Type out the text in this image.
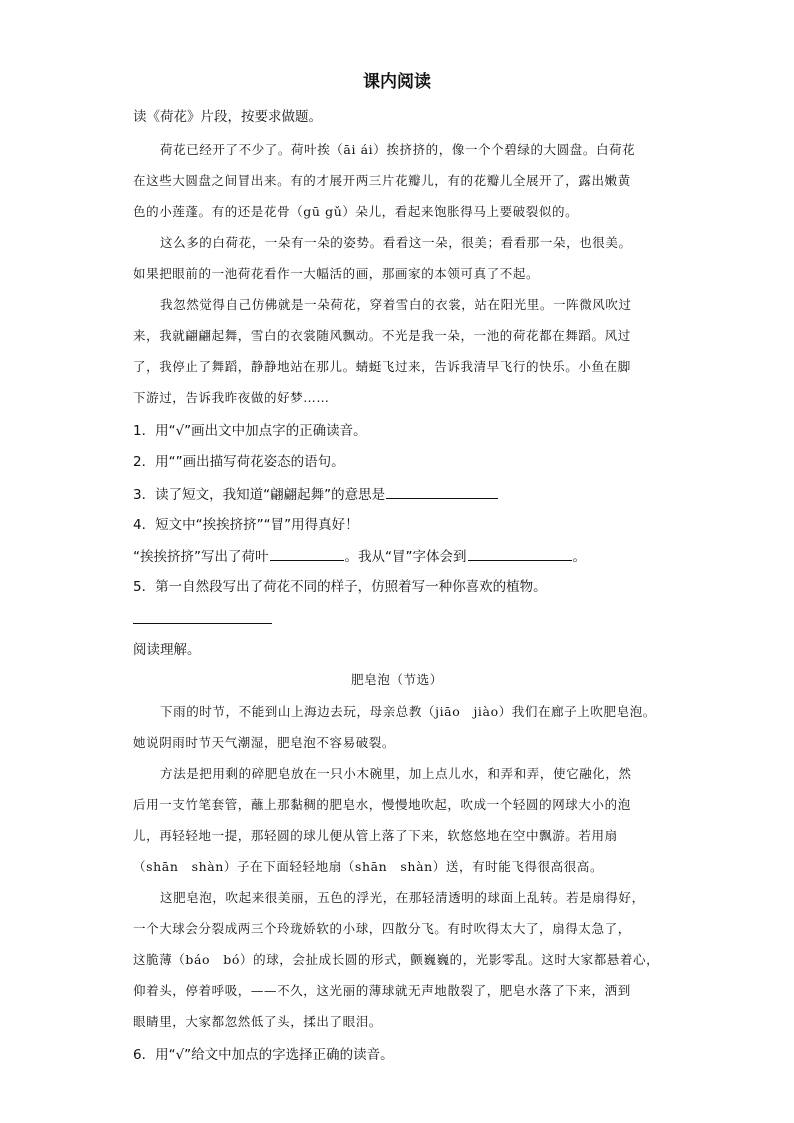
课内阅读
读《荷花》片段，按要求做题。
荷花已经开了不少了。荷叶挨（āi ái）挨挤挤的，像一个个碧绿的大圆盘。白荷花
在这些大圆盘之间冒出来。有的才展开两三片花瓣儿，有的花瓣儿全展开了，露出嫩黄
色的小莲蓬。有的还是花骨（gū gǔ）朵儿，看起来饱胀得马上要破裂似的。
这么多的白荷花，一朵有一朵的姿势。看看这一朵，很美；看看那一朵，也很美。
如果把眼前的一池荷花看作一大幅活的画，那画家的本领可真了不起。
我忽然觉得自己仿佛就是一朵荷花，穿着雪白的衣裳，站在阳光里。一阵微风吹过
来，我就翩翩起舞，雪白的衣裳随风飘动。不光是我一朵，一池的荷花都在舞蹈。风过
了，我停止了舞蹈，静静地站在那儿。蜻蜓飞过来，告诉我清早飞行的快乐。小鱼在脚
下游过，告诉我昨夜做的好梦……
1．用“√”画出文中加点字的正确读音。
2．用“”画出描写荷花姿态的语句。
3．读了短文，我知道“翩翩起舞”的意思是
4．短文中“挨挨挤挤”“冒”用得真好！
“挨挨挤挤”写出了荷叶	。我从“冒”字体会到	。
5．第一自然段写出了荷花不同的样子，仿照着写一种你喜欢的植物。
阅读理解。
肥皂泡（节选）
下雨的时节，不能到山上海边去玩，母亲总教（jiāo　jiào）我们在廊子上吹肥皂泡。
她说阴雨时节天气潮湿，肥皂泡不容易破裂。
方法是把用剩的碎肥皂放在一只小木碗里，加上点儿水，和弄和弄，使它融化，然
后用一支竹笔套管，蘸上那黏稠的肥皂水，慢慢地吹起，吹成一个轻圆的网球大小的泡
儿，再轻轻地一提，那轻圆的球儿便从管上落了下来，软悠悠地在空中飘游。若用扇
（shān　shàn）子在下面轻轻地扇（shān　shàn）送，有时能飞得很高很高。
这肥皂泡，吹起来很美丽，五色的浮光，在那轻清透明的球面上乱转。若是扇得好，
一个大球会分裂成两三个玲珑娇软的小球，四散分飞。有时吹得太大了，扇得太急了，
这脆薄（báo　bó）的球，会扯成长圆的形式，颤巍巍的，光影零乱。这时大家都悬着心，
仰着头，停着呼吸，——不久，这光丽的薄球就无声地散裂了，肥皂水落了下来，洒到
眼睛里，大家都忽然低了头，揉出了眼泪。
6．用“√”给文中加点的字选择正确的读音。
